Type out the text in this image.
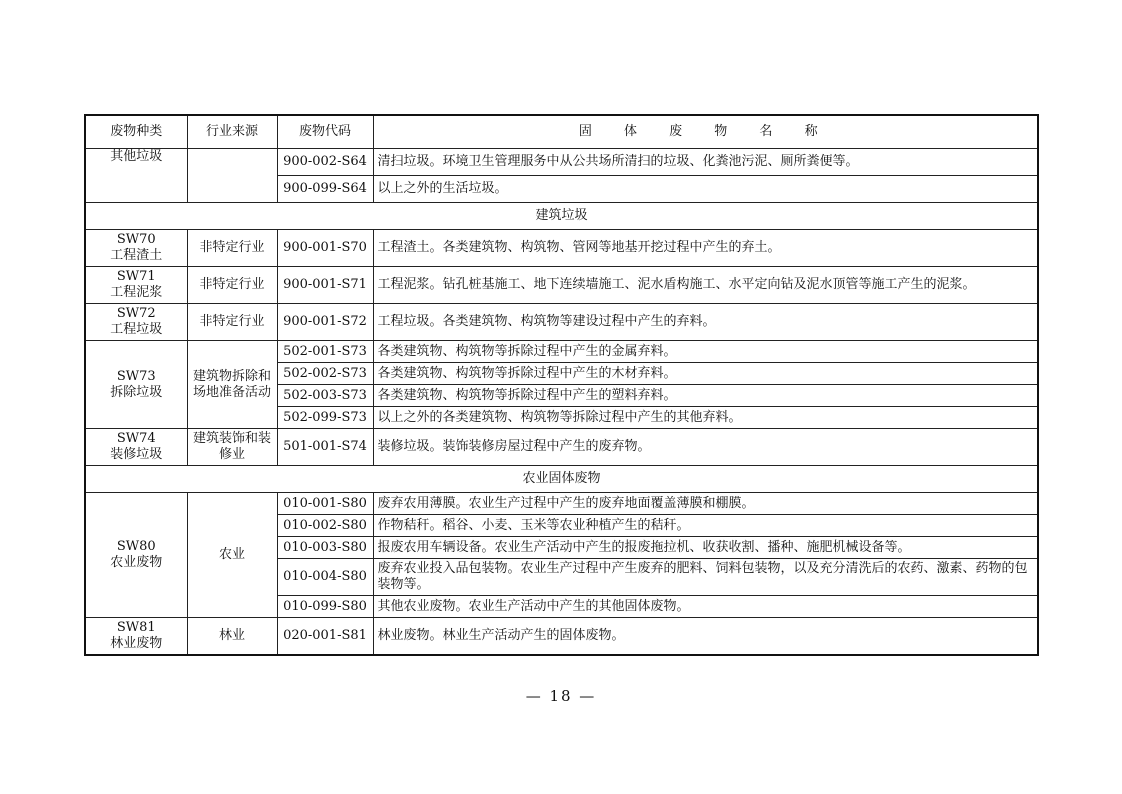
废物种类	行业来源	废物代码	固 体 废 物 名 称
其他垃圾		900-002-S64	清扫垃圾。环境卫生管理服务中从公共场所清扫的垃圾、化粪池污泥、厕所粪便等。
		900-099-S64	以上之外的生活垃圾。
建筑垃圾			
SW70
工程渣土	非特定行业	900-001-S70	工程渣土。各类建筑物、构筑物、管网等地基开挖过程中产生的弃土。
SW71
工程泥浆	非特定行业	900-001-S71	工程泥浆。钻孔桩基施工、地下连续墙施工、泥水盾构施工、水平定向钻及泥水顶管等施工产生的泥浆。
SW72
工程垃圾	非特定行业	900-001-S72	工程垃圾。各类建筑物、构筑物等建设过程中产生的弃料。
SW73
拆除垃圾	建筑物拆除和场地准备活动	502-001-S73	各类建筑物、构筑物等拆除过程中产生的金属弃料。
		502-002-S73	各类建筑物、构筑物等拆除过程中产生的木材弃料。
		502-003-S73	各类建筑物、构筑物等拆除过程中产生的塑料弃料。
		502-099-S73	以上之外的各类建筑物、构筑物等拆除过程中产生的其他弃料。
SW74
装修垃圾	建筑装饰和装修业	501-001-S74	装修垃圾。装饰装修房屋过程中产生的废弃物。
农业固体废物			
SW80
农业废物	农业	010-001-S80	废弃农用薄膜。农业生产过程中产生的废弃地面覆盖薄膜和棚膜。
		010-002-S80	作物秸秆。稻谷、小麦、玉米等农业种植产生的秸秆。
		010-003-S80	报废农用车辆设备。农业生产活动中产生的报废拖拉机、收获收割、播种、施肥机械设备等。
		010-004-S80	废弃农业投入品包装物。农业生产过程中产生废弃的肥料、饲料包装物，以及充分清洗后的农药、激素、药物的包装物等。
		010-099-S80	其他农业废物。农业生产活动中产生的其他固体废物。
SW81
林业废物	林业	020-001-S81	林业废物。林业生产活动产生的固体废物。
— 18 —
